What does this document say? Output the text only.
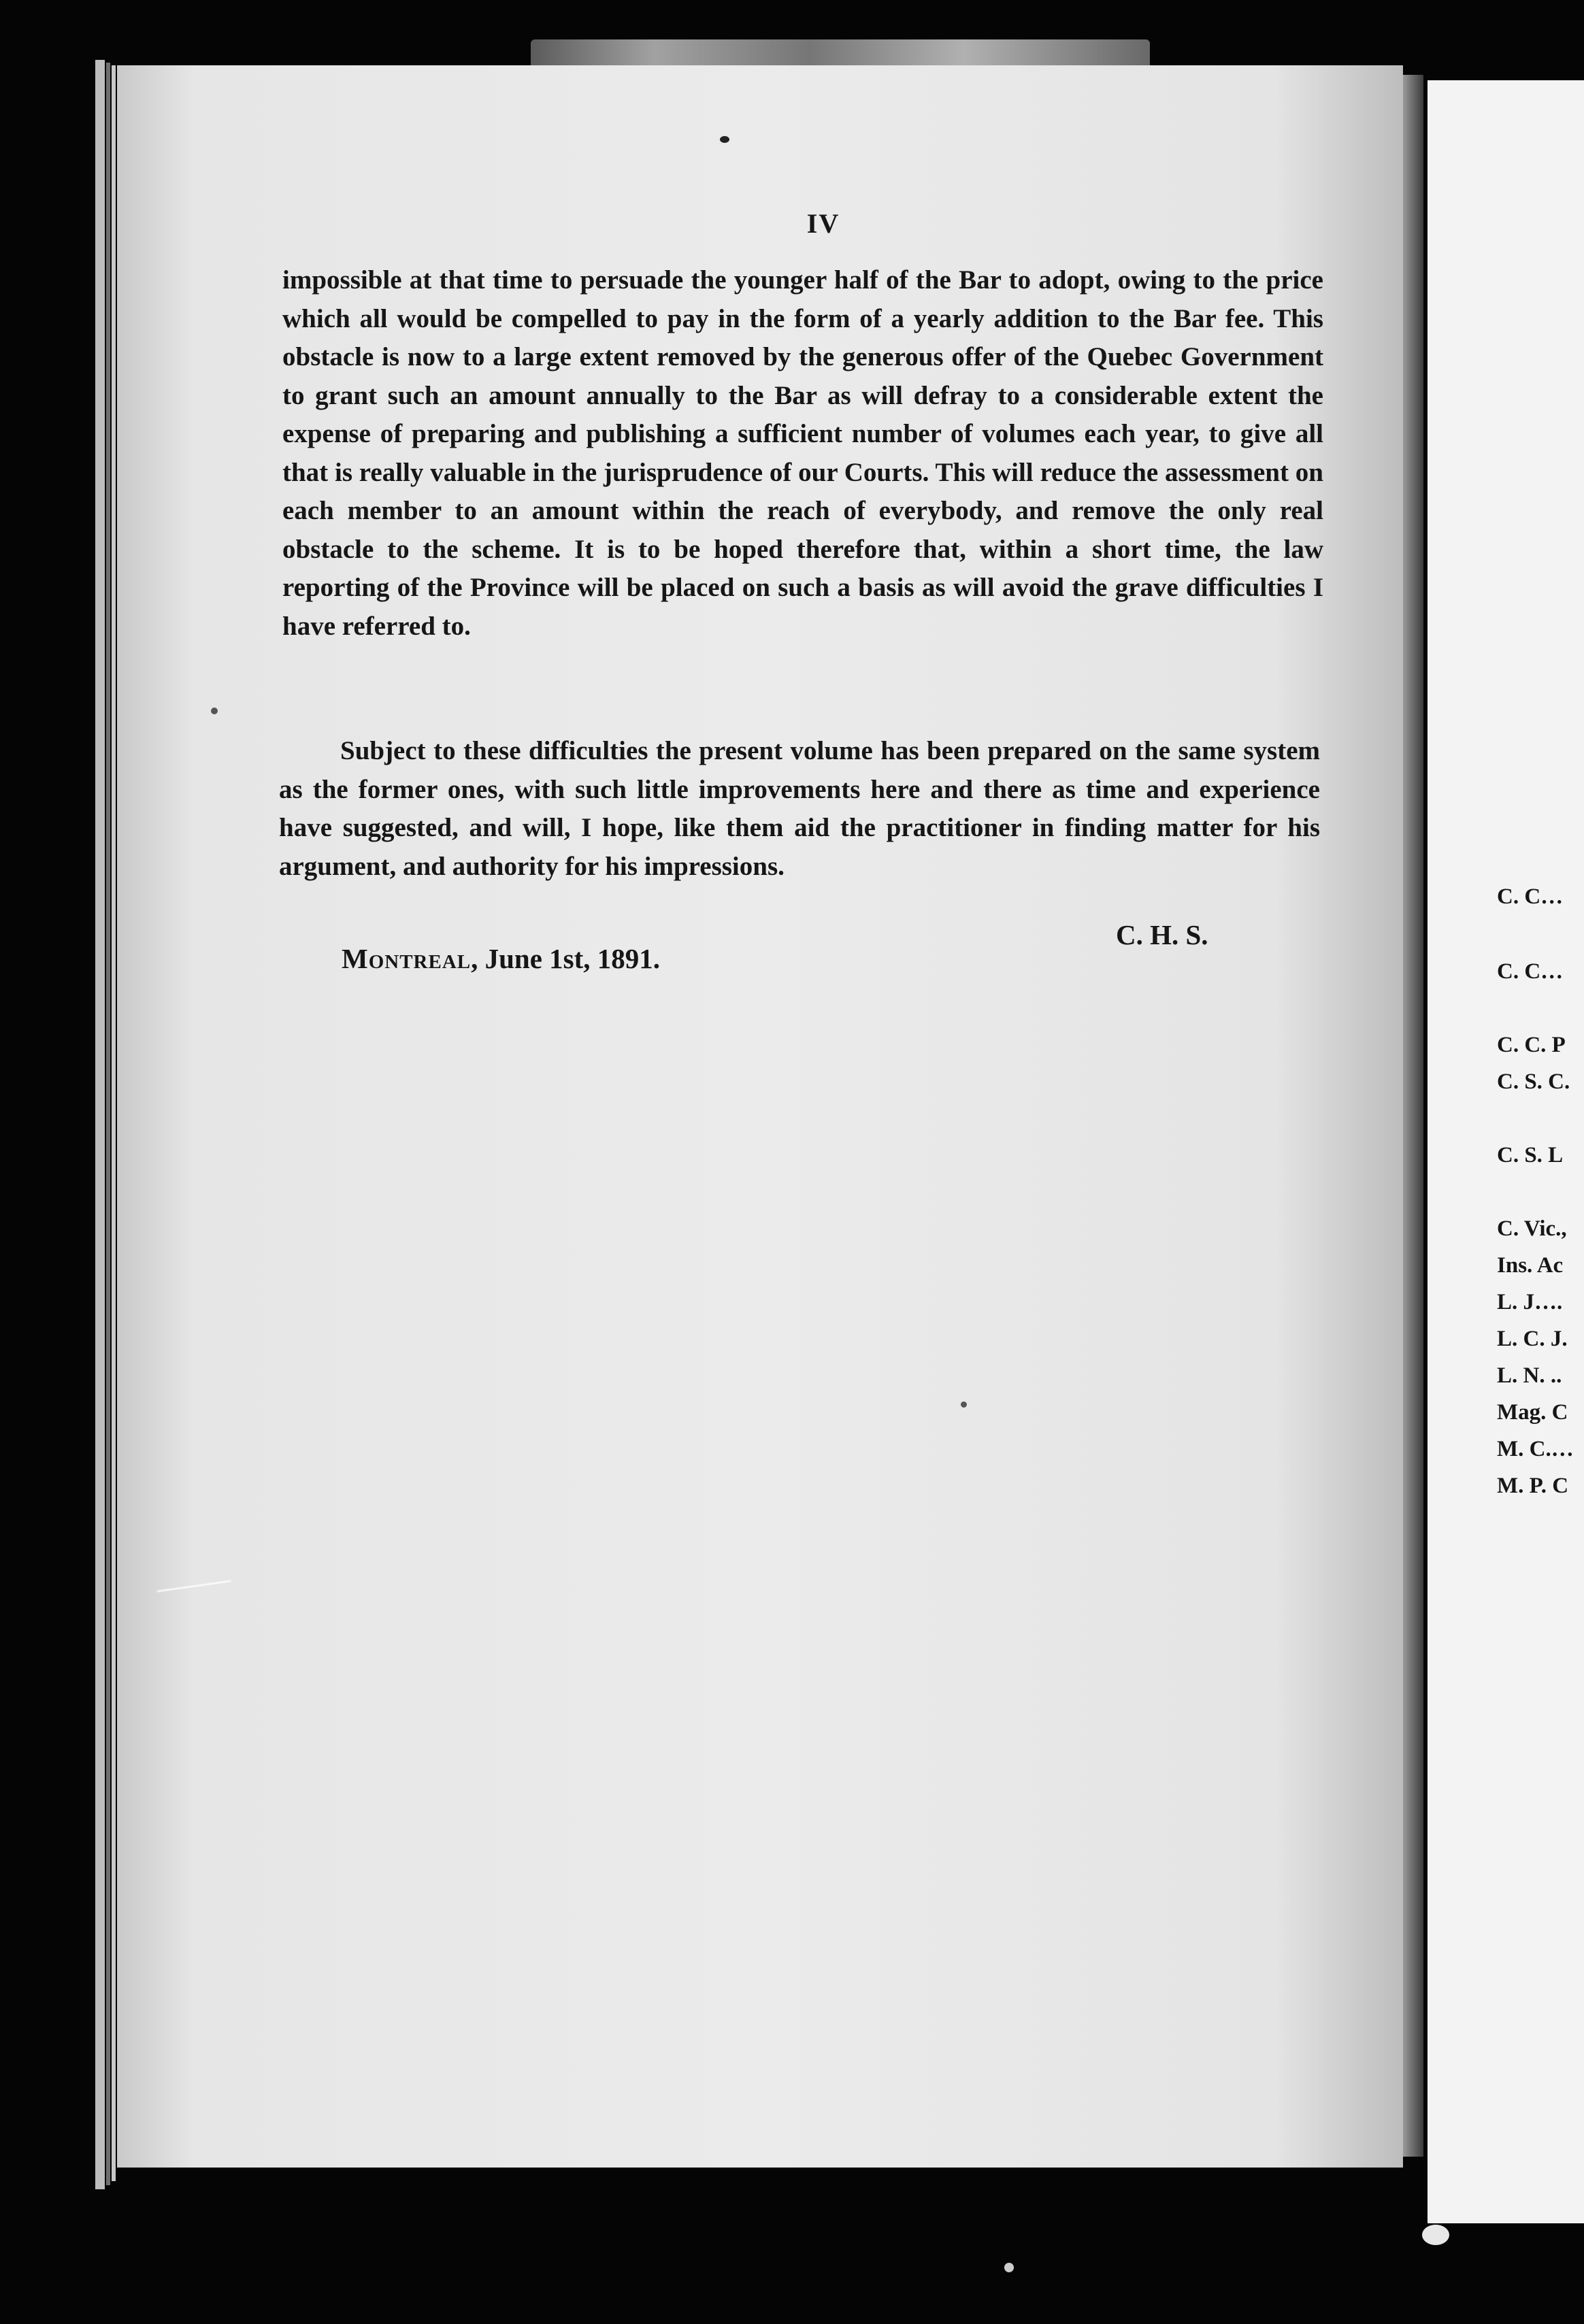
IV

impossible at that time to persuade the younger half of the Bar to adopt, owing to the price which all would be compelled to pay in the form of a yearly addition to the Bar fee. This obstacle is now to a large extent removed by the generous offer of the Quebec Government to grant such an amount annually to the Bar as will defray to a considerable extent the expense of preparing and publishing a sufficient number of volumes each year, to give all that is really valuable in the jurisprudence of our Courts. This will reduce the assessment on each member to an amount within the reach of everybody, and remove the only real obstacle to the scheme. It is to be hoped therefore that, within a short time, the law reporting of the Province will be placed on such a basis as will avoid the grave difficulties I have referred to.

Subject to these difficulties the present volume has been prepared on the same system as the former ones, with such little improvements here and there as time and experience have suggested, and will, I hope, like them aid the practitioner in finding matter for his argument, and authority for his impressions.

C. H. S.
Montreal, June 1st, 1891.
C. C…
C. C…
C. C. P
C. S. C.
C. S. L
C. Vic.,
Ins. Ac
L. J….
L. C. J.
L. N. ..
Mag. C
M. C.…
M. P. C
